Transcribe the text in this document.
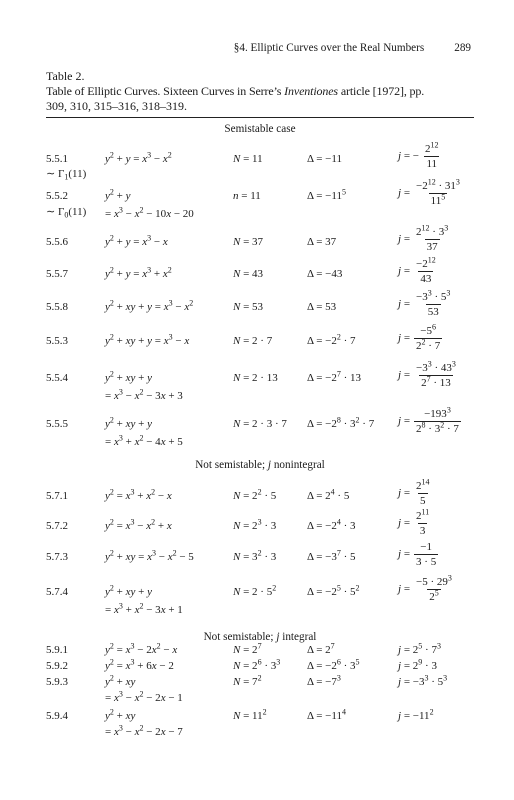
§4. Elliptic Curves over the Real Numbers	289
Table 2.
Table of Elliptic Curves. Sixteen Curves in Serre’s Inventiones article [1972], pp.
309, 310, 315–316, 318–319.
Semistable case
5.5.1	$y^2 + y = x^3 - x^2$	N = 11	Δ = −11	j = − $\frac{2^{12}}{11}$
∼ $\Gamma_1(11)$
5.5.2	$y^2 + y$	n = 11	$\Delta = -11^5$	$j = \frac{-2^{12} \cdot 31^3}{11^5}$
∼ $\Gamma_0(11) = x^3 - x^2 - 10x - 20$
5.5.6	$y^2 + y = x^3 - x$	N = 37	Δ = 37	$j = \frac{2^{12} \cdot 3^3}{37}$
5.5.7	$y^2 + y = x^3 + x^2$	N = 43	Δ = −43	$j = \frac{-2^{12}}{43}$
5.5.8	$y^2$ + xy + $y = x^3 - x^2$	N = 53	Δ = 53	$j = \frac{-3^3 \cdot 5^3}{53}$
5.5.3	$y^2$ + xy + $y = x^3 - x$	N = 2 · 7	$\Delta = -2^2 \cdot 7$	$j = \frac{-5^6}{2^2 \cdot 7}$
5.5.4	$y^2$ + xy + y	N = 2 · 13	$\Delta = -2^7 \cdot 13$	$j = \frac{-3^3 \cdot 43^3}{2^7 \cdot 13}$
= $x^3 - x^2 - 3x + 3$
5.5.5	$y^2$ + xy + y	N = 2 · 3 · 7 $\Delta = -2^8 \cdot 3^2 \cdot 7$ $j = \frac{-193^3}{2^8 \cdot 3^2 \cdot 7}$
= $x^3 + x^2 - 4x + 5$
Not semistable; j nonintegral
5.7.1	$y^2 = x^3 + x^2 - x$	$N = 2^2 \cdot 5$	$\Delta = 2^4 \cdot 5$	$j = \frac{2^{14}}{5}$
5.7.2	$y^2 = x^3 - x^2 + x$	$N = 2^3 \cdot 3$	$\Delta = -2^4 \cdot 3$	$j = \frac{2^{11}}{3}$
5.7.3	$y^2$ + xy = $x^3 - x^2 - 5$	$N = 3^2 \cdot 3$	$\Delta = -3^7 \cdot 5$	$j = \frac{-1}{3 \cdot 5}$
5.7.4	$y^2$ + xy + y	$N = 2 \cdot 5^2$	$\Delta = -2^5 \cdot 5^2$	$j = \frac{-5 \cdot 29^3}{2^5}$
= $x^3 + x^2 - 3x + 1$
Not semistable; j integral
5.9.1	$y^2 = x^3 - 2x^2 - x$	$N = 2^7$	$\Delta = 2^7$	$j = 2^5 \cdot 7^3$
5.9.2	$y^2 = x^3 + 6x - 2$	$N = 2^6 \cdot 3^3$ $\Delta = -2^6 \cdot 3^5$	$j = 2^9 \cdot 3$
5.9.3	$y^2$ + xy	$N = 7^2$	$\Delta = -7^3$	$j = -3^3 \cdot 5^3$
= $x^3 - x^2 - 2x - 1$
5.9.4	$y^2$ + xy	$N = 11^2$	$\Delta = -11^4$	$j = -11^2$
= $x^3 - x^2 - 2x - 7$
